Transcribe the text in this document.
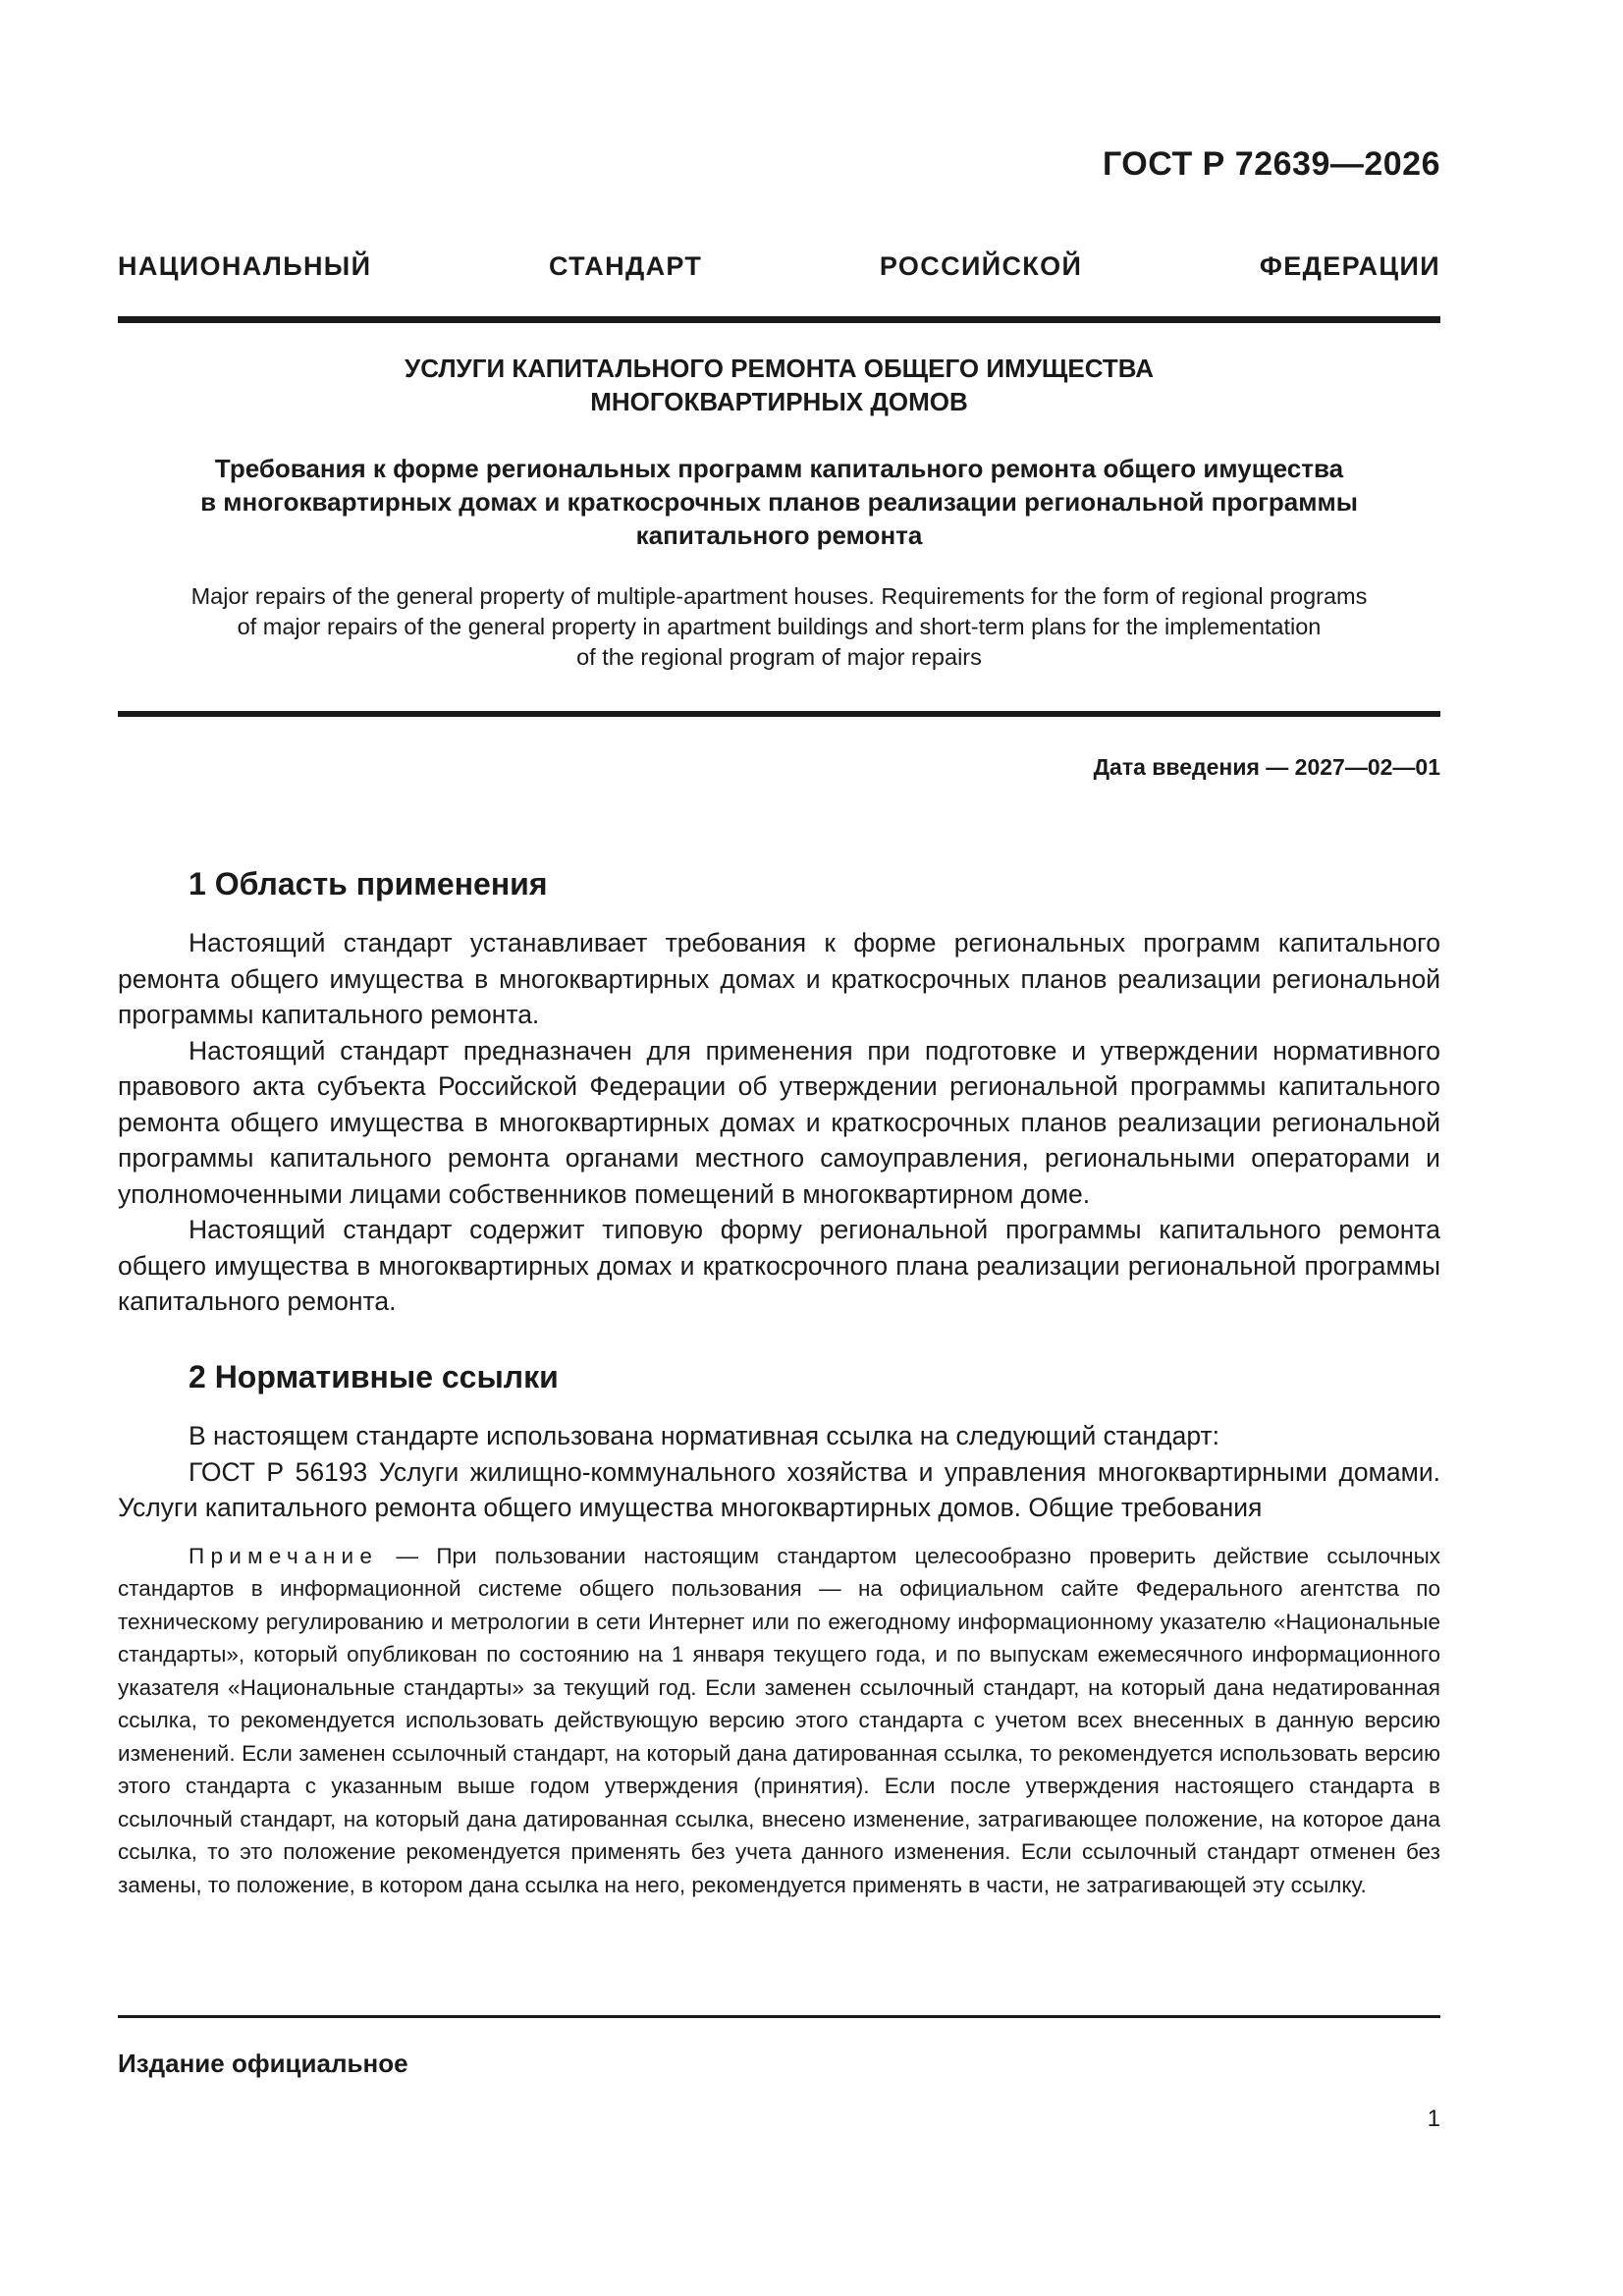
ГОСТ Р 72639—2026
НАЦИОНАЛЬНЫЙ СТАНДАРТ РОССИЙСКОЙ ФЕДЕРАЦИИ
УСЛУГИ КАПИТАЛЬНОГО РЕМОНТА ОБЩЕГО ИМУЩЕСТВА
МНОГОКВАРТИРНЫХ ДОМОВ
Требования к форме региональных программ капитального ремонта общего имущества
в многоквартирных домах и краткосрочных планов реализации региональной программы
капитального ремонта
Major repairs of the general property of multiple-apartment houses. Requirements for the form of regional programs
of major repairs of the general property in apartment buildings and short-term plans for the implementation
of the regional program of major repairs
Дата введения — 2027—02—01
1 Область применения

Настоящий стандарт устанавливает требования к форме региональных программ капитального ремонта общего имущества в многоквартирных домах и краткосрочных планов реализации региональной программы капитального ремонта.

Настоящий стандарт предназначен для применения при подготовке и утверждении нормативного правового акта субъекта Российской Федерации об утверждении региональной программы капитального ремонта общего имущества в многоквартирных домах и краткосрочных планов реализации региональной программы капитального ремонта органами местного самоуправления, региональными операторами и уполномоченными лицами собственников помещений в многоквартирном доме.

Настоящий стандарт содержит типовую форму региональной программы капитального ремонта общего имущества в многоквартирных домах и краткосрочного плана реализации региональной программы капитального ремонта.

2 Нормативные ссылки

В настоящем стандарте использована нормативная ссылка на следующий стандарт:

ГОСТ Р 56193 Услуги жилищно-коммунального хозяйства и управления многоквартирными домами. Услуги капитального ремонта общего имущества многоквартирных домов. Общие требования

Примечание — При пользовании настоящим стандартом целесообразно проверить действие ссылочных стандартов в информационной системе общего пользования — на официальном сайте Федерального агентства по техническому регулированию и метрологии в сети Интернет или по ежегодному информационному указателю «Национальные стандарты», который опубликован по состоянию на 1 января текущего года, и по выпускам ежемесячного информационного указателя «Национальные стандарты» за текущий год. Если заменен ссылочный стандарт, на который дана недатированная ссылка, то рекомендуется использовать действующую версию этого стандарта с учетом всех внесенных в данную версию изменений. Если заменен ссылочный стандарт, на который дана датированная ссылка, то рекомендуется использовать версию этого стандарта с указанным выше годом утверждения (принятия). Если после утверждения настоящего стандарта в ссылочный стандарт, на который дана датированная ссылка, внесено изменение, затрагивающее положение, на которое дана ссылка, то это положение рекомендуется применять без учета данного изменения. Если ссылочный стандарт отменен без замены, то положение, в котором дана ссылка на него, рекомендуется применять в части, не затрагивающей эту ссылку.

Издание официальное
1
